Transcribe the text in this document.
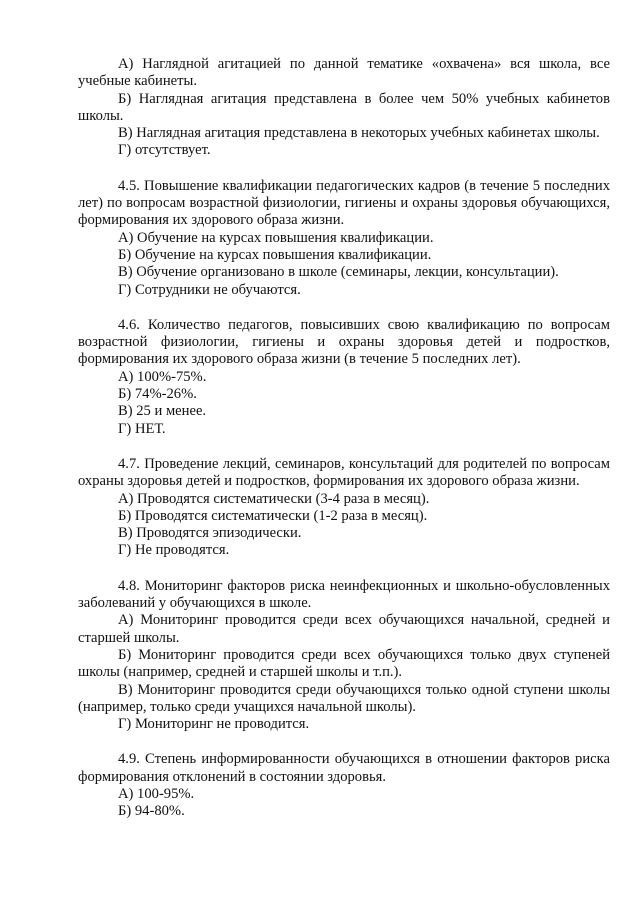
А) Наглядной агитацией по данной тематике «охвачена» вся школа, все учебные кабинеты.

Б) Наглядная агитация представлена в более чем 50% учебных кабинетов школы.

В) Наглядная агитация представлена в некоторых учебных кабинетах школы.

Г) отсутствует.

4.5. Повышение квалификации педагогических кадров (в течение 5 последних лет) по вопросам возрастной физиологии, гигиены и охраны здоровья обучающихся, формирования их здорового образа жизни.

А) Обучение на курсах повышения квалификации.

Б) Обучение на курсах повышения квалификации.

В) Обучение организовано в школе (семинары, лекции, консультации).

Г) Сотрудники не обучаются.

4.6. Количество педагогов, повысивших свою квалификацию по вопросам возрастной физиологии, гигиены и охраны здоровья детей и подростков, формирования их здорового образа жизни (в течение 5 последних лет).

А) 100%-75%.

Б) 74%-26%.

В) 25 и менее.

Г) НЕТ.

4.7. Проведение лекций, семинаров, консультаций для родителей по вопросам охраны здоровья детей и подростков, формирования их здорового образа жизни.

А) Проводятся систематически (3-4 раза в месяц).

Б) Проводятся систематически (1-2 раза в месяц).

В) Проводятся эпизодически.

Г) Не проводятся.

4.8. Мониторинг факторов риска неинфекционных и школьно-обусловленных заболеваний у обучающихся в школе.

А) Мониторинг проводится среди всех обучающихся начальной, средней и старшей школы.

Б) Мониторинг проводится среди всех обучающихся только двух ступеней школы (например, средней и старшей школы и т.п.).

В) Мониторинг проводится среди обучающихся только одной ступени школы (например, только среди учащихся начальной школы).

Г) Мониторинг не проводится.

4.9. Степень информированности обучающихся в отношении факторов риска формирования отклонений в состоянии здоровья.

А) 100-95%.

Б) 94-80%.
